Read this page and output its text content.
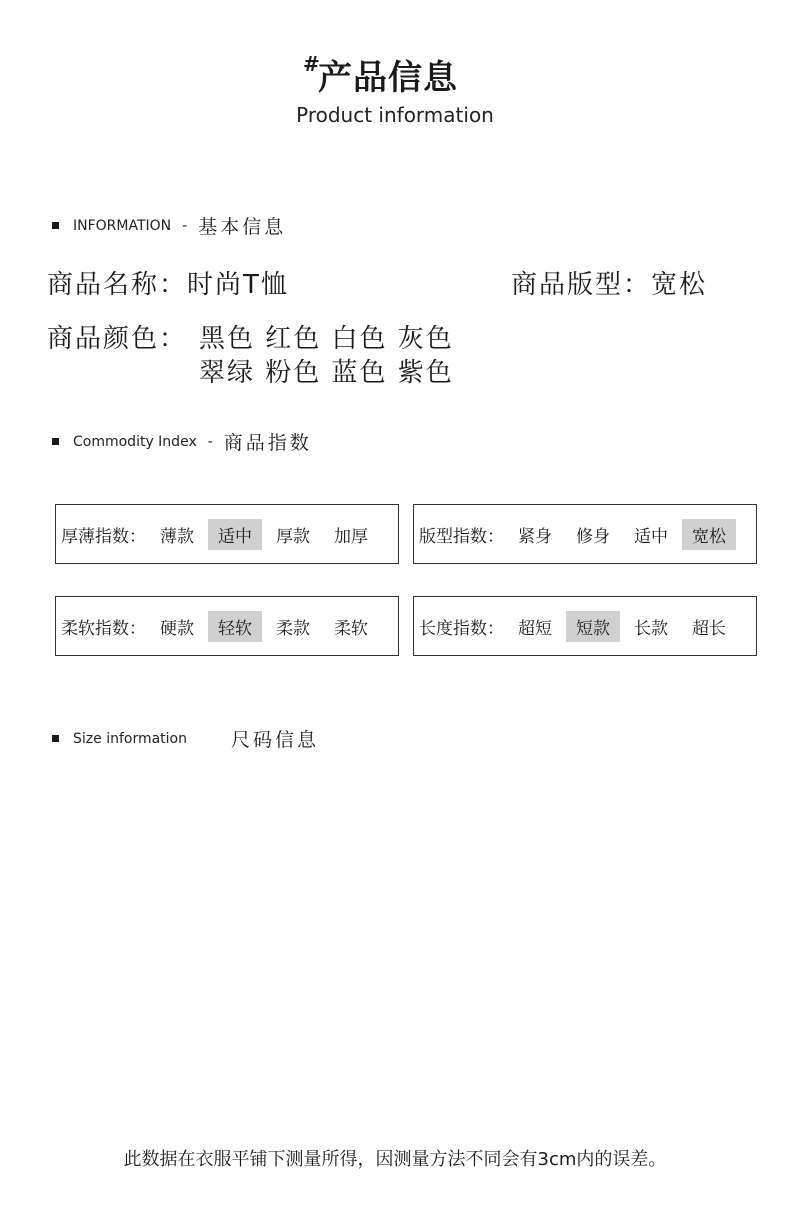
#
产品信息
Product information
INFORMATION - 基本信息
商品名称：时尚T恤	商品版型：宽松
商品颜色： 黑色 红色 白色 灰色
翠绿 粉色 蓝色 紫色
Commodity Index - 商品指数
厚薄指数： 薄款	适中	厚款	加厚	版型指数： 紧身	修身	适中	宽松
柔软指数： 硬款	轻软	柔款	柔软	长度指数： 超短	短款	长款	超长
Size information	尺码信息
此数据在衣服平铺下测量所得，因测量方法不同会有3cm内的误差。
